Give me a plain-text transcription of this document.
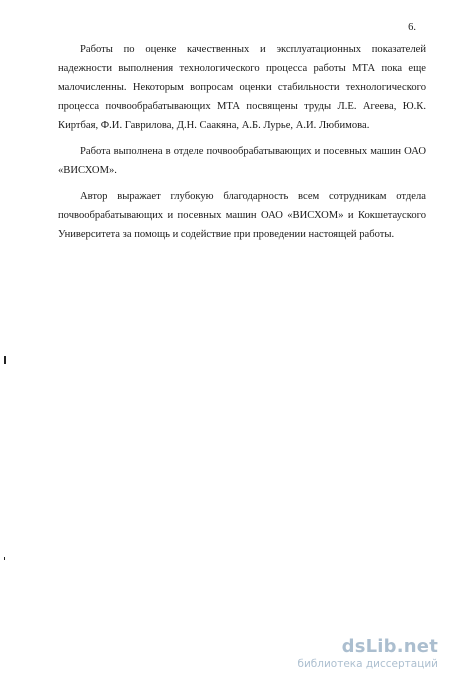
6.

Работы по оценке качественных и эксплуатационных показателей надежности выполнения технологического процесса работы МТА пока еще малочисленны. Некоторым вопросам оценки стабильности технологического процесса почвообрабатывающих МТА посвящены труды Л.Е. Агеева, Ю.К. Киртбая, Ф.И. Гаврилова, Д.Н. Саакяна, А.Б. Лурье, А.И. Любимова.

Работа выполнена в отделе почвообрабатывающих и посевных машин ОАО «ВИСХОМ».

Автор выражает глубокую благодарность всем сотрудникам отдела почвообрабатывающих и посевных машин ОАО «ВИСХОМ» и Кокшетауского Университета за помощь и содействие при проведении настоящей работы.

dsLib.net
библиотека диссертаций
